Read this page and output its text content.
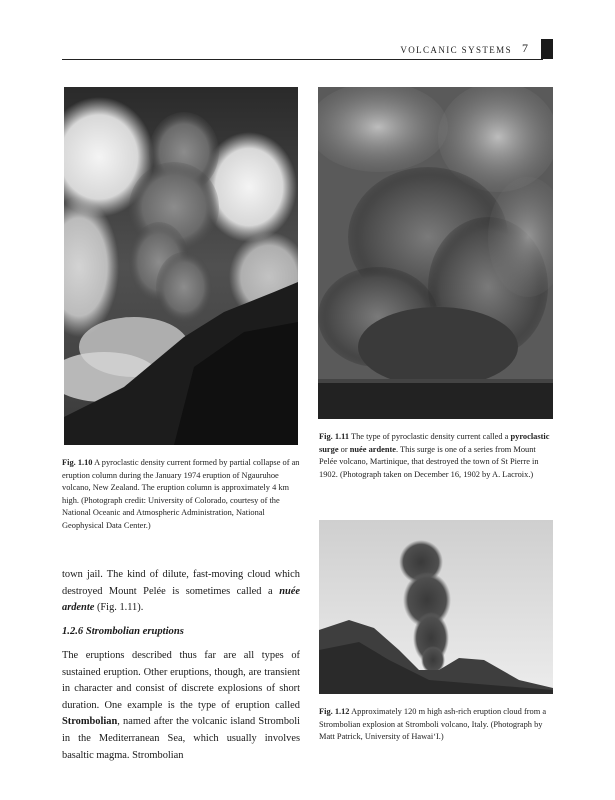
VOLCANIC SYSTEMS 7
Fig. 1.10 A pyroclastic density current formed by partial collapse of an eruption column during the January 1974 eruption of Ngauruhoe volcano, New Zealand. The eruption column is approximately 4 km high. (Photograph credit: University of Colorado, courtesy of the National Oceanic and Atmospheric Administration, National Geophysical Data Center.)
Fig. 1.11 The type of pyroclastic density current called a pyroclastic surge or nuée ardente. This surge is one of a series from Mount Pelée volcano, Martinique, that destroyed the town of St Pierre in 1902. (Photograph taken on December 16, 1902 by A. Lacroix.)
Fig. 1.12 Approximately 120 m high ash-rich eruption cloud from a Strombolian explosion at Stromboli volcano, Italy. (Photograph by Matt Patrick, University of Hawai‘I.)

town jail. The kind of dilute, fast-moving cloud which destroyed Mount Pelée is sometimes called a nuée ardente (Fig. 1.11).

1.2.6 Strombolian eruptions

The eruptions described thus far are all types of sustained eruption. Other eruptions, though, are transient in character and consist of discrete explosions of short duration. One example is the type of eruption called Strombolian, named after the volcanic island Stromboli in the Mediterranean Sea, which usually involves basaltic magma. Strombolian
